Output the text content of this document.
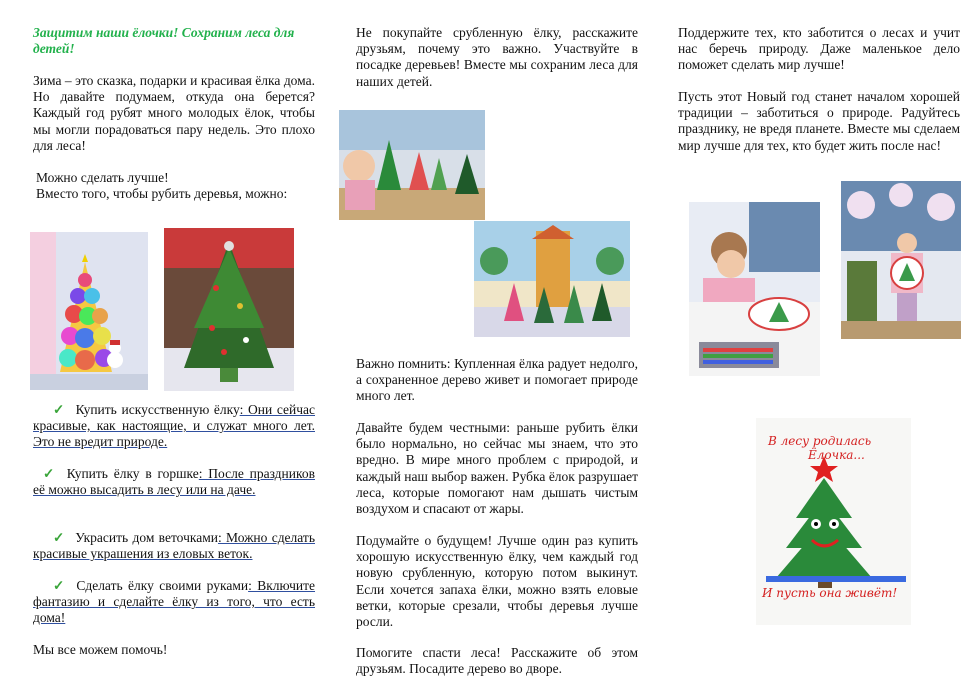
Защитим наши ёлочки! Сохраним леса для детей!

Зима – это сказка, подарки и красивая ёлка дома. Но давайте подумаем, откуда она берется? Каждый год рубят много молодых ёлок, чтобы мы могли порадоваться пару недель. Это плохо для леса!

Можно сделать лучше!

Вместо того, чтобы рубить деревья, можно:

✓ Купить искусственную ёлку: Они сейчас красивые, как настоящие, и служат много лет. Это не вредит природе.

✓ Купить ёлку в горшке: После праздников её можно высадить в лесу или на даче.

✓ Украсить дом веточками: Можно сделать красивые украшения из еловых веток.

✓ Сделать ёлку своими руками: Включите фантазию и сделайте ёлку из того, что есть дома!

Мы все можем помочь!

Не покупайте срубленную ёлку, расскажите друзьям, почему это важно. Участвуйте в посадке деревьев! Вместе мы сохраним леса для наших детей.

Важно помнить: Купленная ёлка радует недолго, а сохраненное дерево живет и помогает природе много лет.

Давайте будем честными: раньше рубить ёлки было нормально, но сейчас мы знаем, что это вредно. В мире много проблем с природой, и каждый наш выбор важен. Рубка ёлок разрушает леса, которые помогают нам дышать чистым воздухом и спасают от жары.

Подумайте о будущем! Лучше один раз купить хорошую искусственную ёлку, чем каждый год новую срубленную, которую потом выкинут. Если хочется запаха ёлки, можно взять еловые ветки, которые срезали, чтобы деревья лучше росли.

Помогите спасти леса! Расскажите об этом друзьям. Посадите дерево во дворе.

Поддержите тех, кто заботится о лесах и учит нас беречь природу. Даже маленькое дело поможет сделать мир лучше!

Пусть этот Новый год станет началом хорошей традиции – заботиться о природе. Радуйтесь празднику, не вредя планете. Вместе мы сделаем мир лучше для тех, кто будет жить после нас!

В лесу родилась
Ёлочка...
И пусть она живёт!
